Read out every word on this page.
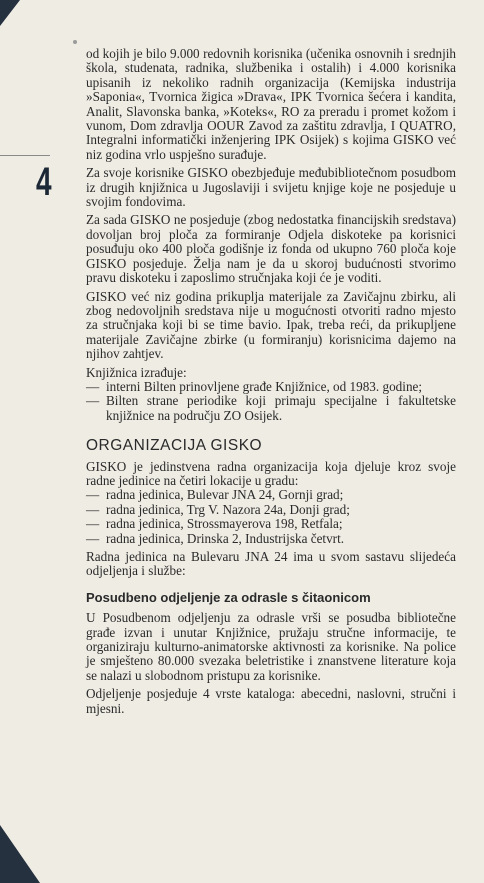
4

od kojih je bilo 9.000 redovnih korisnika (učenika osnovnih i srednjih škola, studenata, radnika, službenika i ostalih) i 4.000 korisnika upisanih iz nekoliko radnih organizacija (Kemijska industrija »Saponia«, Tvornica žigica »Drava«, IPK Tvornica šećera i kandita, Analit, Slavonska banka, »Koteks«, RO za preradu i promet kožom i vunom, Dom zdravlja OOUR Zavod za zaštitu zdravlja, I QUATRO, Integralni informatički inženjering IPK Osijek) s kojima GISKO već niz godina vrlo uspješno surađuje.

Za svoje korisnike GISKO obezbjeđuje međubibliotečnom posudbom iz drugih knjižnica u Jugoslaviji i svijetu knjige koje ne posjeduje u svojim fondovima.

Za sada GISKO ne posjeduje (zbog nedostatka financijskih sredstava) dovoljan broj ploča za formiranje Odjela diskoteke pa korisnici posuđuju oko 400 ploča godišnje iz fonda od ukupno 760 ploča koje GISKO posjeduje. Želja nam je da u skoroj budućnosti stvorimo pravu diskoteku i zaposlimo stručnjaka koji će je voditi.

GISKO već niz godina prikuplja materijale za Zavičajnu zbirku, ali zbog nedovoljnih sredstava nije u mogućnosti otvoriti radno mjesto za stručnjaka koji bi se time bavio. Ipak, treba reći, da prikupljene materijale Zavičajne zbirke (u formiranju) korisnicima dajemo na njihov zahtjev.

Knjižnica izrađuje:

— interni Bilten prinovljene građe Knjižnice, od 1983. godine;
— Bilten strane periodike koji primaju specijalne i fakultetske knjižnice na području ZO Osijek.
ORGANIZACIJA GISKO

GISKO je jedinstvena radna organizacija koja djeluje kroz svoje radne jedinice na četiri lokacije u gradu:

— radna jedinica, Bulevar JNA 24, Gornji grad;
— radna jedinica, Trg V. Nazora 24a, Donji grad;
— radna jedinica, Strossmayerova 198, Retfala;
— radna jedinica, Drinska 2, Industrijska četvrt.

Radna jedinica na Bulevaru JNA 24 ima u svom sastavu slijedeća odjeljenja i službe:

Posudbeno odjeljenje za odrasle s čitaonicom

U Posudbenom odjeljenju za odrasle vrši se posudba bibliotečne građe izvan i unutar Knjižnice, pružaju stručne informacije, te organiziraju kulturno-animatorske aktivnosti za korisnike. Na police je smješteno 80.000 svezaka beletristike i znanstvene literature koja se nalazi u slobodnom pristupu za korisnike.

Odjeljenje posjeduje 4 vrste kataloga: abecedni, naslovni, stručni i mjesni.
